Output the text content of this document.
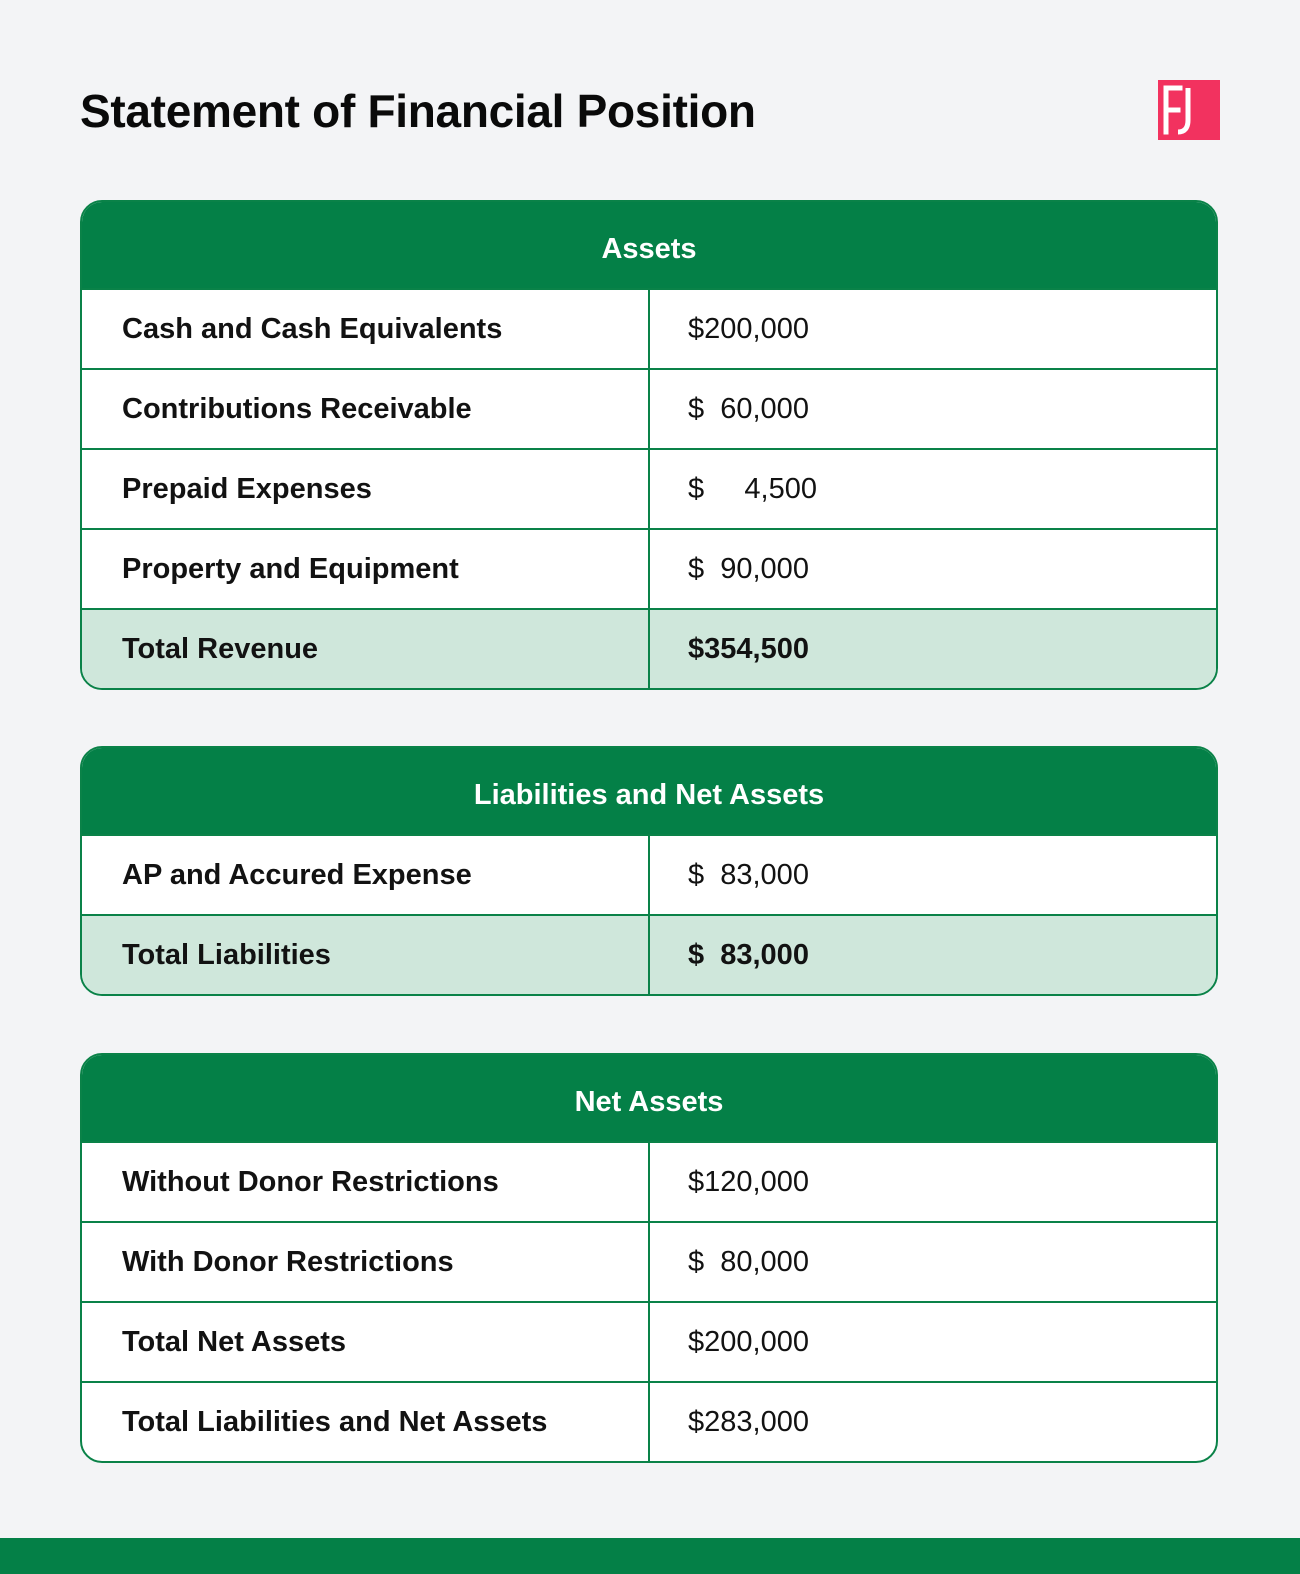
Statement of Financial Position
Assets
Cash and Cash Equivalents	$200,000
Contributions Receivable	$  60,000
Prepaid Expenses	$     4,500
Property and Equipment	$  90,000
Total Revenue	$354,500
Liabilities and Net Assets
AP and Accured Expense	$  83,000
Total Liabilities	$  83,000
Net Assets
Without Donor Restrictions	$120,000
With Donor Restrictions	$  80,000
Total Net Assets	$200,000
Total Liabilities and Net Assets	$283,000
